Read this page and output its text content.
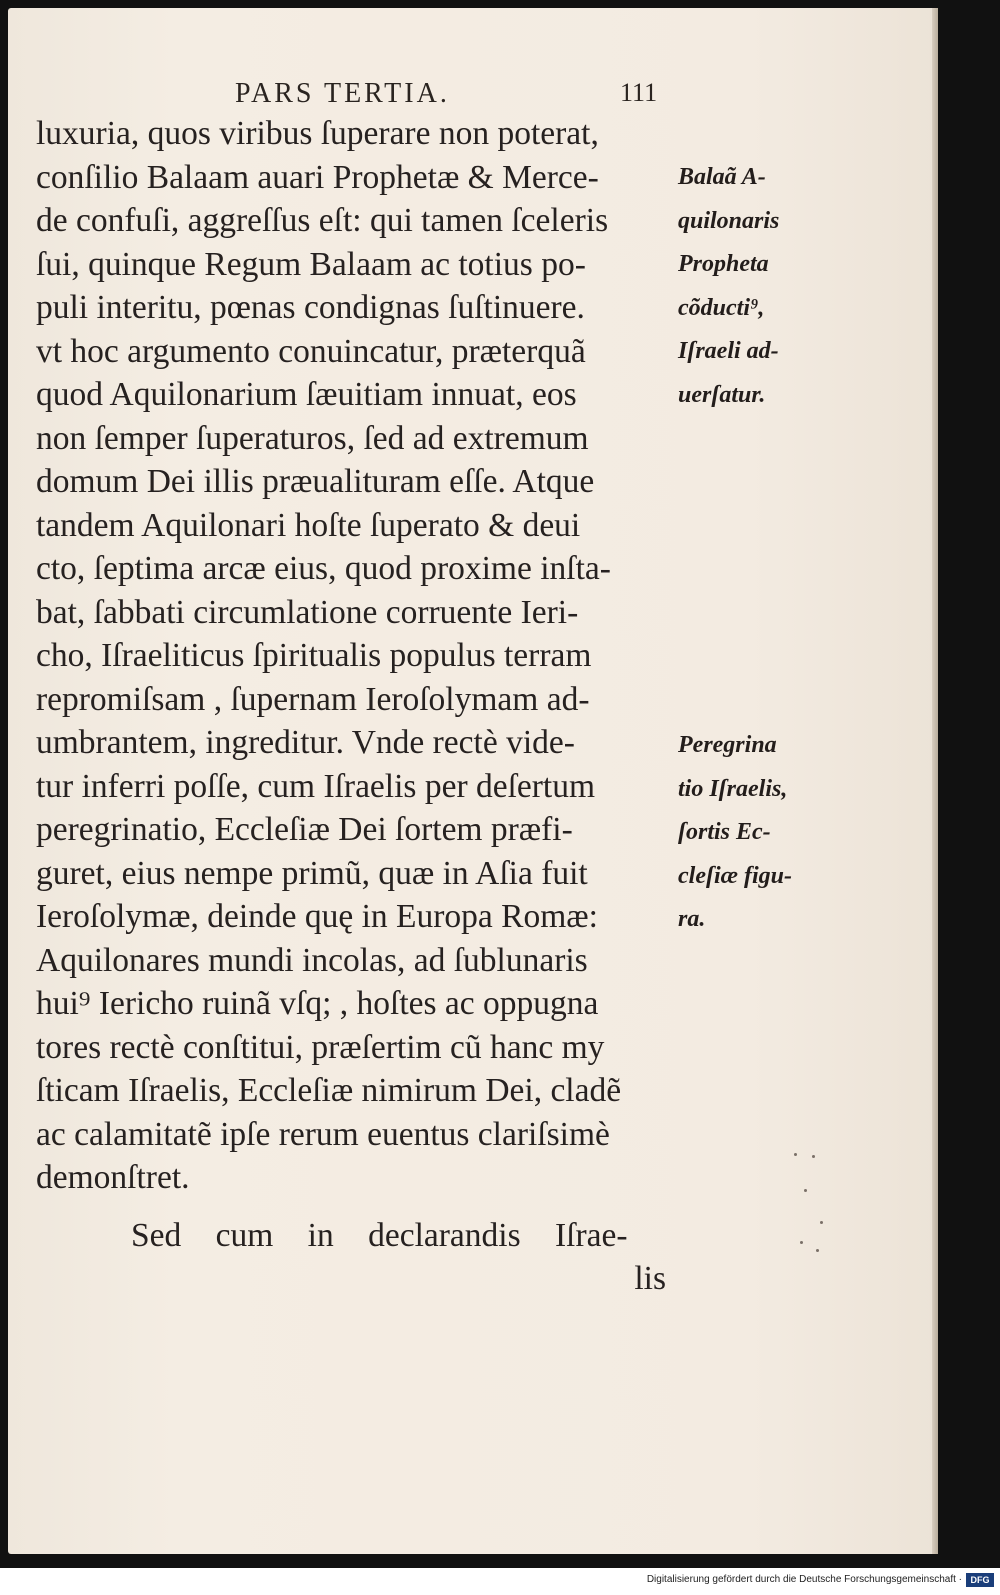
PARS TERTIA.	111
luxuria, quos viribus ſuperare non poterat,
conſilio Balaam auari Prophetæ & Merce-
de confuſi, aggreſſus eſt: qui tamen ſceleris
ſui, quinque Regum Balaam ac totius po-
puli interitu, pœnas condignas ſuſtinuere.
vt hoc argumento conuincatur, præterquã
quod Aquilonarium ſæuitiam innuat, eos
non ſemper ſuperaturos, ſed ad extremum
domum Dei illis præualituram eſſe. Atque
tandem Aquilonari hoſte ſuperato & deui
cto, ſeptima arcæ eius, quod proxime inſta-
bat, ſabbati circumlatione corruente Ieri-
cho, Iſraeliticus ſpiritualis populus terram
repromiſsam , ſupernam Ieroſolymam ad-
umbrantem, ingreditur. Vnde rectè vide-
tur inferri poſſe, cum Iſraelis per deſertum
peregrinatio, Eccleſiæ Dei ſortem præfi-
guret, eius nempe primũ, quæ in Aſia fuit
Ieroſolymæ, deinde quę in Europa Romæ:
Aquilonares mundi incolas, ad ſublunaris
hui⁹ Iericho ruinã vſq; , hoſtes ac oppugna
tores rectè conſtitui, præſertim cũ hanc my
ſticam Iſraelis, Eccleſiæ nimirum Dei, cladẽ
ac calamitatẽ ipſe rerum euentus clariſsimè
demonſtret.
Sed cum in declarandis Iſrae-
lis
Balaã A-
quilonaris
Propheta
cõducti⁹,
Iſraeli ad-
uerſatur.
Peregrina
tio Iſraelis,
ſortis Ec-
cleſiæ figu-
ra.
Digitalisierung gefördert durch die Deutsche Forschungsgemeinschaft · DFG
